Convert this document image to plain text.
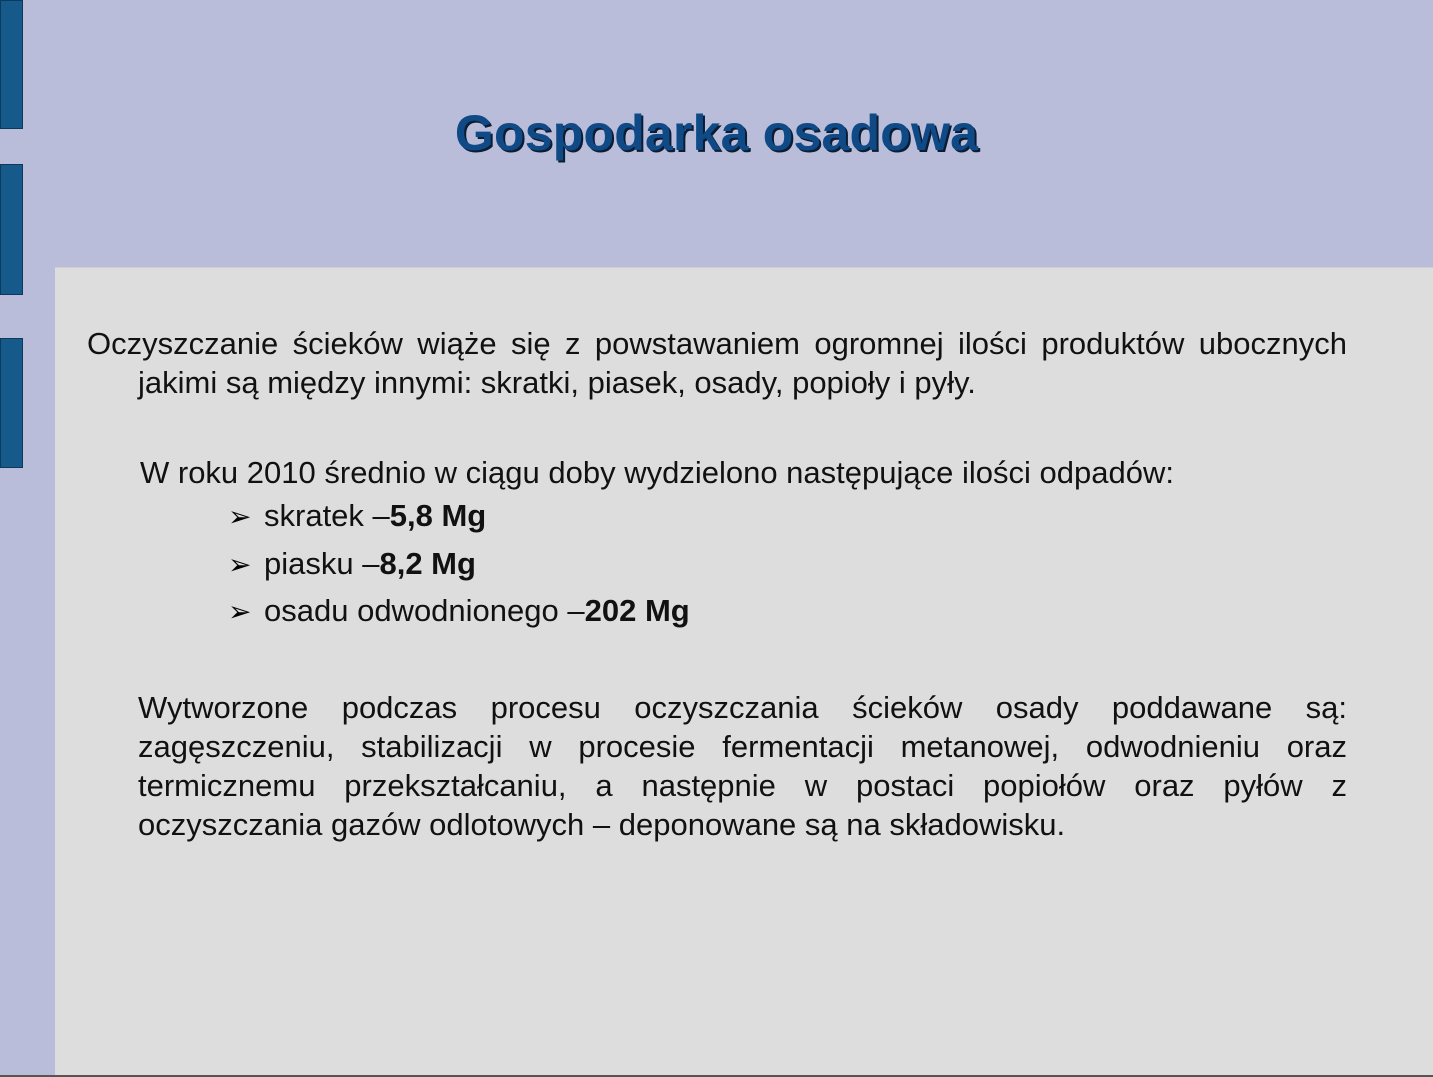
Gospodarka osadowa

Oczyszczanie ścieków wiąże się z powstawaniem ogromnej ilości produktów ubocznych jakimi są między innymi: skratki, piasek, osady, popioły i pyły.

W roku 2010 średnio w ciągu doby wydzielono następujące ilości odpadów:

➢ skratek – 5,8 Mg
➢ piasku – 8,2 Mg
➢ osadu odwodnionego – 202 Mg

Wytworzone podczas procesu oczyszczania ścieków osady poddawane są: zagęszczeniu, stabilizacji w procesie fermentacji metanowej, odwodnieniu oraz termicznemu przekształcaniu, a następnie w postaci popiołów oraz pyłów z oczyszczania gazów odlotowych – deponowane są na składowisku.
